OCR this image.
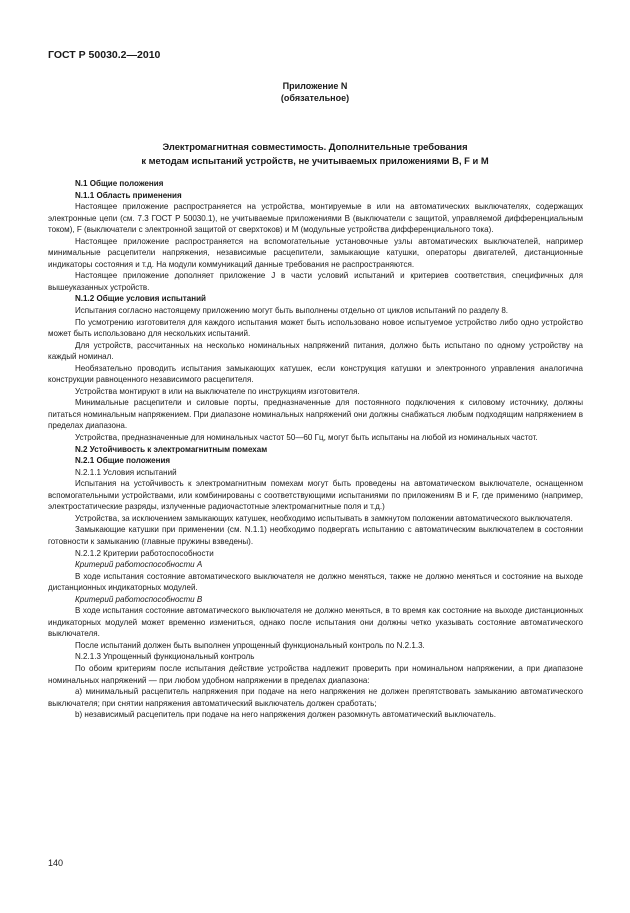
ГОСТ Р 50030.2—2010
Приложение N
(обязательное)
Электромагнитная совместимость. Дополнительные требования
к методам испытаний устройств, не учитываемых приложениями B, F и M

N.1 Общие положения

N.1.1 Область применения

Настоящее приложение распространяется на устройства, монтируемые в или на автоматических выключателях, содержащих электронные цепи (см. 7.3 ГОСТ Р 50030.1), не учитываемые приложениями B (выключатели с защитой, управляемой дифференциальным током), F (выключатели с электронной защитой от сверхтоков) и M (модульные устройства дифференциального тока).

Настоящее приложение распространяется на вспомогательные установочные узлы автоматических выключателей, например минимальные расцепители напряжения, независимые расцепители, замыкающие катушки, операторы двигателей, дистанционные индикаторы состояния и т.д. На модули коммуникаций данные требования не распространяются.

Настоящее приложение дополняет приложение J в части условий испытаний и критериев соответствия, специфичных для вышеуказанных устройств.

N.1.2 Общие условия испытаний

Испытания согласно настоящему приложению могут быть выполнены отдельно от циклов испытаний по разделу 8.

По усмотрению изготовителя для каждого испытания может быть использовано новое испытуемое устройство либо одно устройство может быть использовано для нескольких испытаний.

Для устройств, рассчитанных на несколько номинальных напряжений питания, должно быть испытано по одному устройству на каждый номинал.

Необязательно проводить испытания замыкающих катушек, если конструкция катушки и электронного управления аналогична конструкции равноценного независимого расцепителя.

Устройства монтируют в или на выключателе по инструкциям изготовителя.

Минимальные расцепители и силовые порты, предназначенные для постоянного подключения к силовому источнику, должны питаться номинальным напряжением. При диапазоне номинальных напряжений они должны снабжаться любым подходящим напряжением в пределах диапазона.

Устройства, предназначенные для номинальных частот 50—60 Гц, могут быть испытаны на любой из номинальных частот.

N.2 Устойчивость к электромагнитным помехам

N.2.1 Общие положения

N.2.1.1 Условия испытаний

Испытания на устойчивость к электромагнитным помехам могут быть проведены на автоматическом выключателе, оснащенном вспомогательными устройствами, или комбинированы с соответствующими испытаниями по приложениям B и F, где применимо (например, электростатические разряды, излученные радиочастотные электромагнитные поля и т.д.)

Устройства, за исключением замыкающих катушек, необходимо испытывать в замкнутом положении автоматического выключателя.

Замыкающие катушки при применении (см. N.1.1) необходимо подвергать испытанию с автоматическим выключателем в состоянии готовности к замыканию (главные пружины взведены).

N.2.1.2 Критерии работоспособности

Критерий работоспособности A

В ходе испытания состояние автоматического выключателя не должно меняться, также не должно меняться и состояние на выходе дистанционных индикаторных модулей.

Критерий работоспособности B

В ходе испытания состояние автоматического выключателя не должно меняться, в то время как состояние на выходе дистанционных индикаторных модулей может временно измениться, однако после испытания они должны четко указывать состояние автоматического выключателя.

После испытаний должен быть выполнен упрощенный функциональный контроль по N.2.1.3.

N.2.1.3 Упрощенный функциональный контроль

По обоим критериям после испытания действие устройства надлежит проверить при номинальном напряжении, а при диапазоне номинальных напряжений — при любом удобном напряжении в пределах диапазона:

a) минимальный расцепитель напряжения при подаче на него напряжения не должен препятствовать замыканию автоматического выключателя; при снятии напряжения автоматический выключатель должен сработать;

b) независимый расцепитель при подаче на него напряжения должен разомкнуть автоматический выключатель.

140
